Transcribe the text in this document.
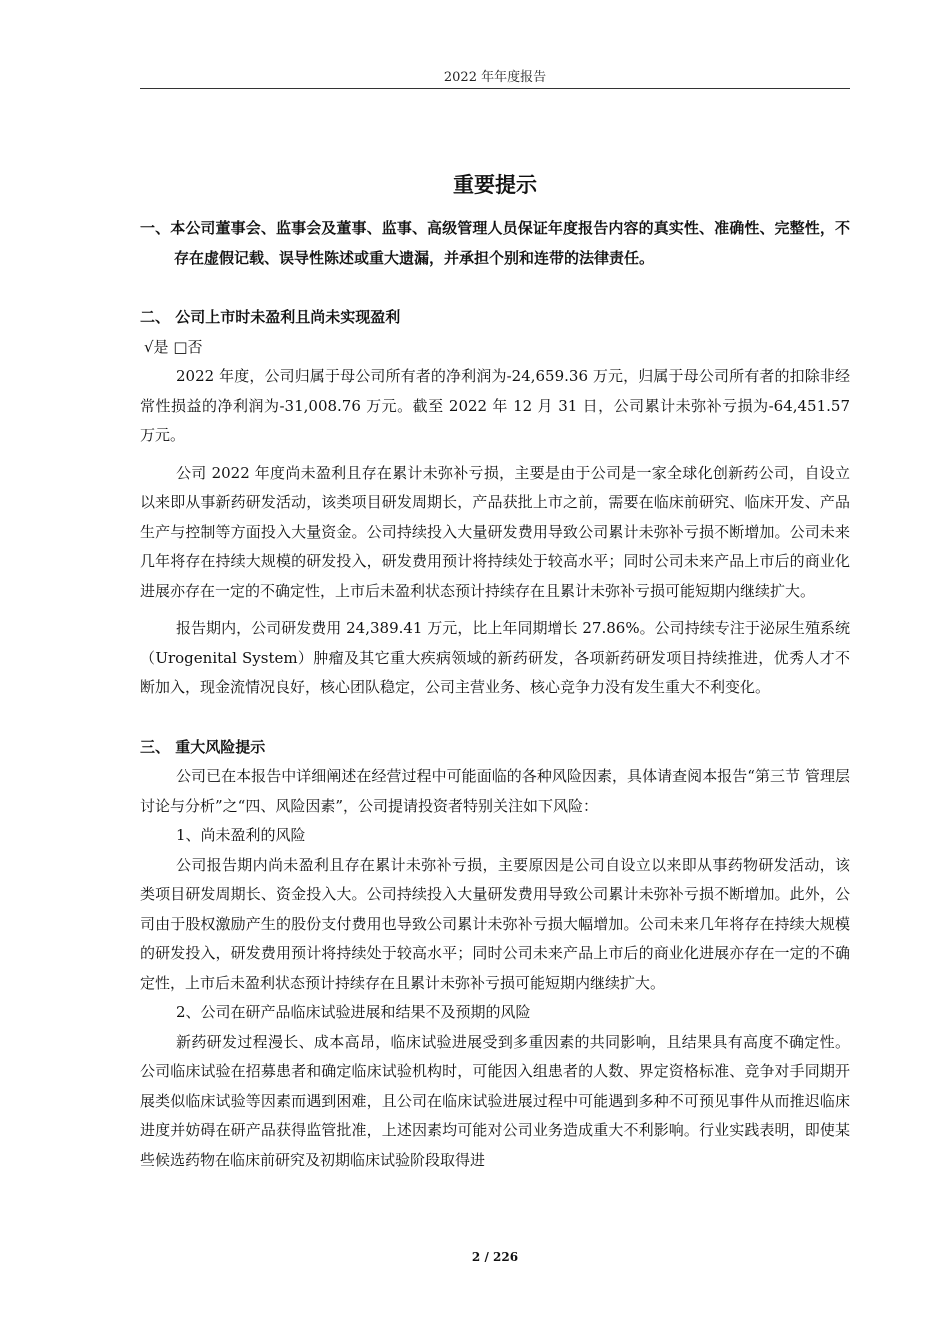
2022 年年度报告
重要提示

一、本公司董事会、监事会及董事、监事、高级管理人员保证年度报告内容的真实性、准确性、完整性，不存在虚假记载、误导性陈述或重大遗漏，并承担个别和连带的法律责任。

二、 公司上市时未盈利且尚未实现盈利

√是 □否

2022 年度，公司归属于母公司所有者的净利润为-24,659.36 万元，归属于母公司所有者的扣除非经常性损益的净利润为-31,008.76 万元。截至 2022 年 12 月 31 日，公司累计未弥补亏损为-64,451.57 万元。

公司 2022 年度尚未盈利且存在累计未弥补亏损，主要是由于公司是一家全球化创新药公司，自设立以来即从事新药研发活动，该类项目研发周期长，产品获批上市之前，需要在临床前研究、临床开发、产品生产与控制等方面投入大量资金。公司持续投入大量研发费用导致公司累计未弥补亏损不断增加。公司未来几年将存在持续大规模的研发投入，研发费用预计将持续处于较高水平；同时公司未来产品上市后的商业化进展亦存在一定的不确定性，上市后未盈利状态预计持续存在且累计未弥补亏损可能短期内继续扩大。

报告期内，公司研发费用 24,389.41 万元，比上年同期增长 27.86%。公司持续专注于泌尿生殖系统（Urogenital System）肿瘤及其它重大疾病领域的新药研发，各项新药研发项目持续推进，优秀人才不断加入，现金流情况良好，核心团队稳定，公司主营业务、核心竞争力没有发生重大不利变化。

三、 重大风险提示

公司已在本报告中详细阐述在经营过程中可能面临的各种风险因素，具体请查阅本报告“第三节 管理层讨论与分析”之“四、风险因素”，公司提请投资者特别关注如下风险：

1、尚未盈利的风险

公司报告期内尚未盈利且存在累计未弥补亏损，主要原因是公司自设立以来即从事药物研发活动，该类项目研发周期长、资金投入大。公司持续投入大量研发费用导致公司累计未弥补亏损不断增加。此外，公司由于股权激励产生的股份支付费用也导致公司累计未弥补亏损大幅增加。公司未来几年将存在持续大规模的研发投入，研发费用预计将持续处于较高水平；同时公司未来产品上市后的商业化进展亦存在一定的不确定性，上市后未盈利状态预计持续存在且累计未弥补亏损可能短期内继续扩大。

2、公司在研产品临床试验进展和结果不及预期的风险

新药研发过程漫长、成本高昂，临床试验进展受到多重因素的共同影响，且结果具有高度不确定性。公司临床试验在招募患者和确定临床试验机构时，可能因入组患者的人数、界定资格标准、竞争对手同期开展类似临床试验等因素而遇到困难，且公司在临床试验进展过程中可能遇到多种不可预见事件从而推迟临床进度并妨碍在研产品获得监管批准，上述因素均可能对公司业务造成重大不利影响。行业实践表明，即使某些候选药物在临床前研究及初期临床试验阶段取得进

2 / 226
